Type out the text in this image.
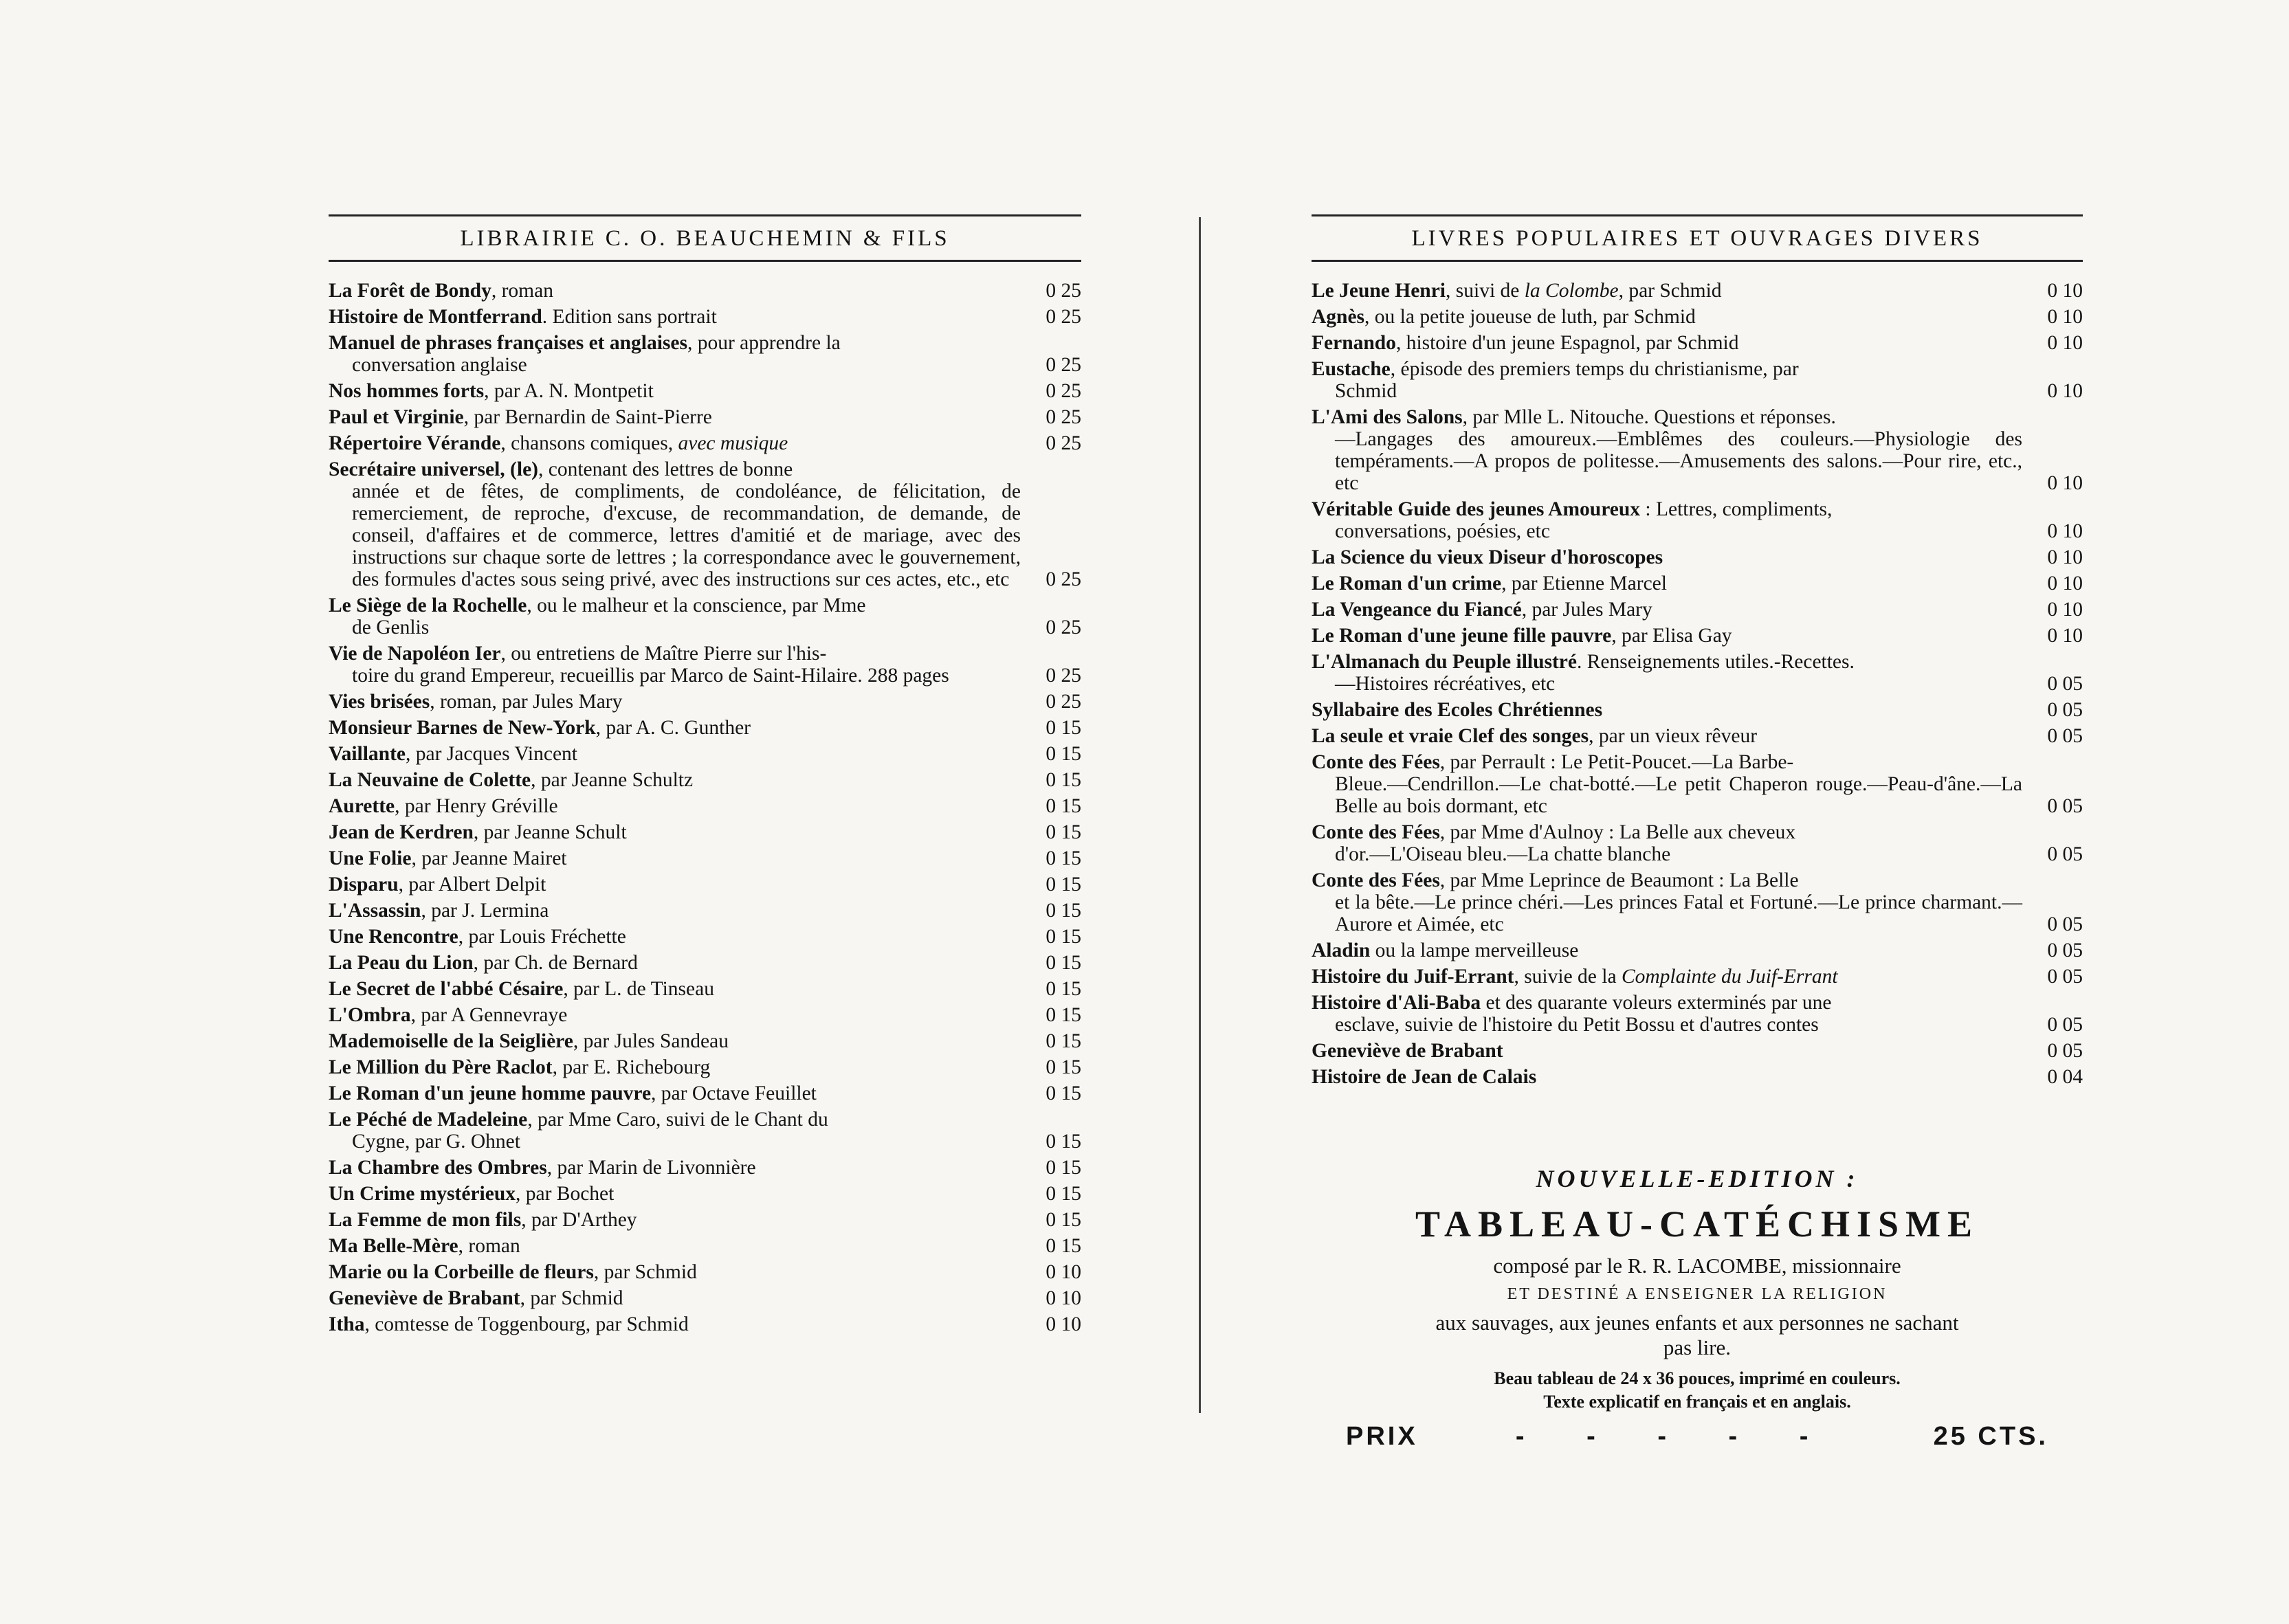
LIBRAIRIE C. O. BEAUCHEMIN & FILS
La Forêt de Bondy, roman	0 25
Histoire de Montferrand. Edition sans portrait	0 25
Manuel de phrases françaises et anglaises, pour apprendre la
conversation anglaise	0 25
Nos hommes forts, par A. N. Montpetit	0 25
Paul et Virginie, par Bernardin de Saint-Pierre	0 25
Répertoire Vérande, chansons comiques, avec musique	0 25
Secrétaire universel, (le), contenant des lettres de bonne
année et de fêtes, de compliments, de condoléance, de félicitation, de remerciement, de reproche, d'excuse, de recommandation, de demande, de conseil, d'affaires et de commerce, lettres d'amitié et de mariage, avec des instructions sur chaque sorte de lettres ; la correspondance avec le gouvernement, des formules d'actes sous seing privé, avec des instructions sur ces actes, etc., etc	0 25
Le Siège de la Rochelle, ou le malheur et la conscience, par Mme
de Genlis	0 25
Vie de Napoléon Ier, ou entretiens de Maître Pierre sur l'his-
toire du grand Empereur, recueillis par Marco de Saint-Hilaire. 288 pages	0 25
Vies brisées, roman, par Jules Mary	0 25
Monsieur Barnes de New-York, par A. C. Gunther	0 15
Vaillante, par Jacques Vincent	0 15
La Neuvaine de Colette, par Jeanne Schultz	0 15
Aurette, par Henry Gréville	0 15
Jean de Kerdren, par Jeanne Schult	0 15
Une Folie, par Jeanne Mairet	0 15
Disparu, par Albert Delpit	0 15
L'Assassin, par J. Lermina	0 15
Une Rencontre, par Louis Fréchette	0 15
La Peau du Lion, par Ch. de Bernard	0 15
Le Secret de l'abbé Césaire, par L. de Tinseau	0 15
L'Ombra, par A Gennevraye	0 15
Mademoiselle de la Seiglière, par Jules Sandeau	0 15
Le Million du Père Raclot, par E. Richebourg	0 15
Le Roman d'un jeune homme pauvre, par Octave Feuillet	0 15
Le Péché de Madeleine, par Mme Caro, suivi de le Chant du
Cygne, par G. Ohnet	0 15
La Chambre des Ombres, par Marin de Livonnière	0 15
Un Crime mystérieux, par Bochet	0 15
La Femme de mon fils, par D'Arthey	0 15
Ma Belle-Mère, roman	0 15
Marie ou la Corbeille de fleurs, par Schmid	0 10
Geneviève de Brabant, par Schmid	0 10
Itha, comtesse de Toggenbourg, par Schmid	0 10
LIVRES POPULAIRES ET OUVRAGES DIVERS
Le Jeune Henri, suivi de la Colombe, par Schmid	0 10
Agnès, ou la petite joueuse de luth, par Schmid	0 10
Fernando, histoire d'un jeune Espagnol, par Schmid	0 10
Eustache, épisode des premiers temps du christianisme, par
Schmid	0 10
L'Ami des Salons, par Mlle L. Nitouche. Questions et réponses.
—Langages des amoureux.—Emblêmes des couleurs.—Physiologie des tempéraments.—A propos de politesse.—Amusements des salons.—Pour rire, etc., etc	0 10
Véritable Guide des jeunes Amoureux : Lettres, compliments,
conversations, poésies, etc	0 10
La Science du vieux Diseur d'horoscopes	0 10
Le Roman d'un crime, par Etienne Marcel	0 10
La Vengeance du Fiancé, par Jules Mary	0 10
Le Roman d'une jeune fille pauvre, par Elisa Gay	0 10
L'Almanach du Peuple illustré. Renseignements utiles.-Recettes.
—Histoires récréatives, etc	0 05
Syllabaire des Ecoles Chrétiennes	0 05
La seule et vraie Clef des songes, par un vieux rêveur	0 05
Conte des Fées, par Perrault : Le Petit-Poucet.—La Barbe-
Bleue.—Cendrillon.—Le chat-botté.—Le petit Chaperon rouge.—Peau-d'âne.—La Belle au bois dormant, etc	0 05
Conte des Fées, par Mme d'Aulnoy : La Belle aux cheveux
d'or.—L'Oiseau bleu.—La chatte blanche	0 05
Conte des Fées, par Mme Leprince de Beaumont : La Belle
et la bête.—Le prince chéri.—Les princes Fatal et Fortuné.—Le prince charmant.—Aurore et Aimée, etc	0 05
Aladin ou la lampe merveilleuse	0 05
Histoire du Juif-Errant, suivie de la Complainte du Juif-Errant	0 05
Histoire d'Ali-Baba et des quarante voleurs exterminés par une
esclave, suivie de l'histoire du Petit Bossu et d'autres contes	0 05
Geneviève de Brabant	0 05
Histoire de Jean de Calais	0 04
NOUVELLE-EDITION :
TABLEAU-CATÉCHISME
composé par le R. R. LACOMBE, missionnaire
ET DESTINÉ A ENSEIGNER LA RELIGION
aux sauvages, aux jeunes enfants et aux personnes ne sachant pas lire.
Beau tableau de 24 x 36 pouces, imprimé en couleurs.
Texte explicatif en français et en anglais.
PRIX	- - - - -	25 CTS.
